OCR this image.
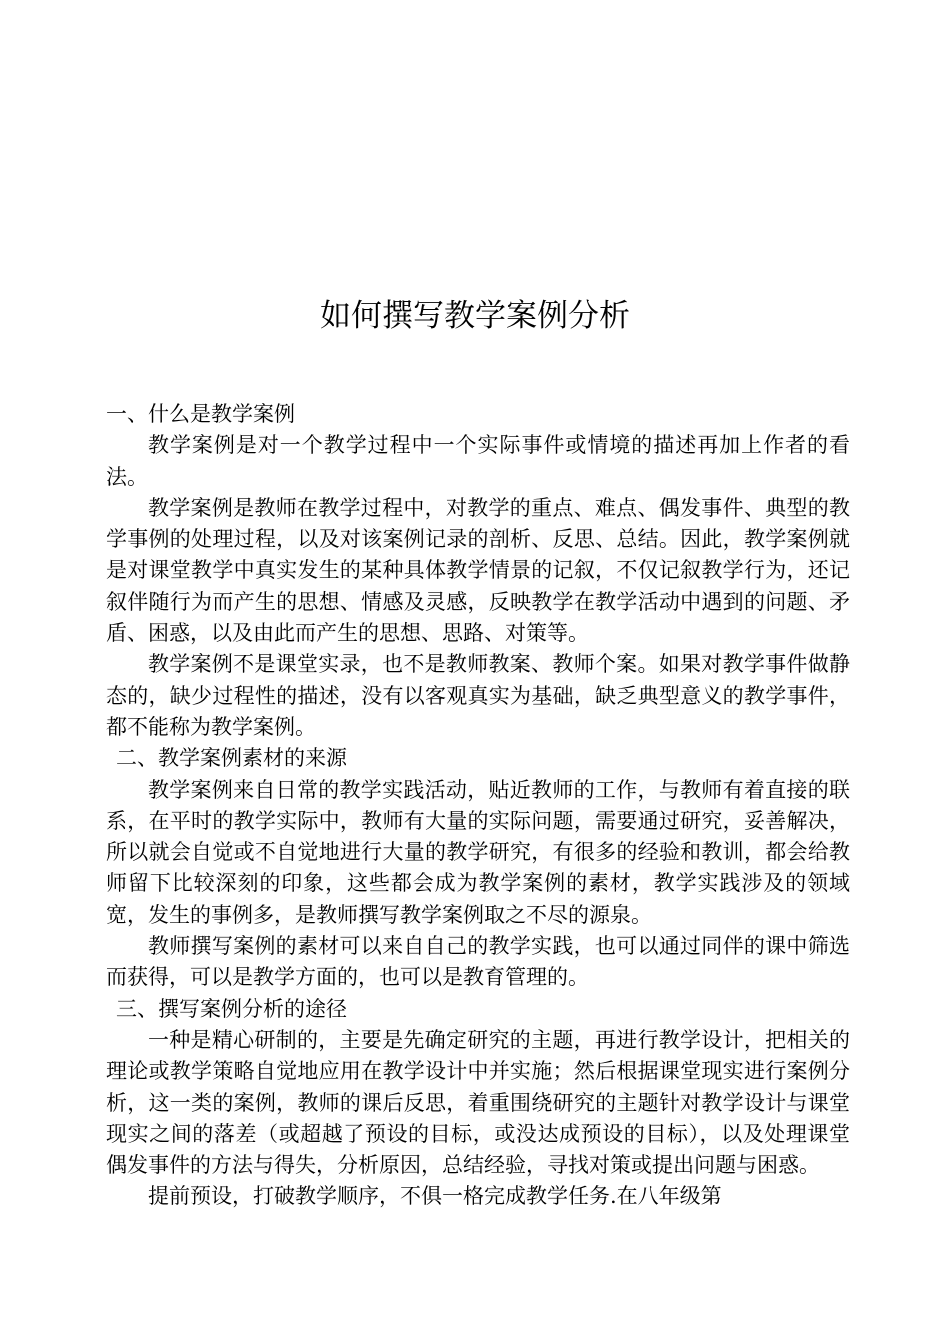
如何撰写教学案例分析

一、什么是教学案例

教学案例是对一个教学过程中一个实际事件或情境的描述再加上作者的看法。

教学案例是教师在教学过程中，对教学的重点、难点、偶发事件、典型的教学事例的处理过程，以及对该案例记录的剖析、反思、总结。因此，教学案例就是对课堂教学中真实发生的某种具体教学情景的记叙，不仅记叙教学行为，还记叙伴随行为而产生的思想、情感及灵感，反映教学在教学活动中遇到的问题、矛盾、困惑，以及由此而产生的思想、思路、对策等。

教学案例不是课堂实录，也不是教师教案、教师个案。如果对教学事件做静态的，缺少过程性的描述，没有以客观真实为基础，缺乏典型意义的教学事件，都不能称为教学案例。

二、教学案例素材的来源

教学案例来自日常的教学实践活动，贴近教师的工作，与教师有着直接的联系，在平时的教学实际中，教师有大量的实际问题，需要通过研究，妥善解决，所以就会自觉或不自觉地进行大量的教学研究，有很多的经验和教训，都会给教师留下比较深刻的印象，这些都会成为教学案例的素材，教学实践涉及的领域宽，发生的事例多，是教师撰写教学案例取之不尽的源泉。

教师撰写案例的素材可以来自自己的教学实践，也可以通过同伴的课中筛选而获得，可以是教学方面的，也可以是教育管理的。

三、撰写案例分析的途径

一种是精心研制的，主要是先确定研究的主题，再进行教学设计，把相关的理论或教学策略自觉地应用在教学设计中并实施；然后根据课堂现实进行案例分析，这一类的案例，教师的课后反思，着重围绕研究的主题针对教学设计与课堂现实之间的落差（或超越了预设的目标，或没达成预设的目标），以及处理课堂偶发事件的方法与得失，分析原因，总结经验，寻找对策或提出问题与困惑。

提前预设，打破教学顺序，不俱一格完成教学任务.在八年级第
